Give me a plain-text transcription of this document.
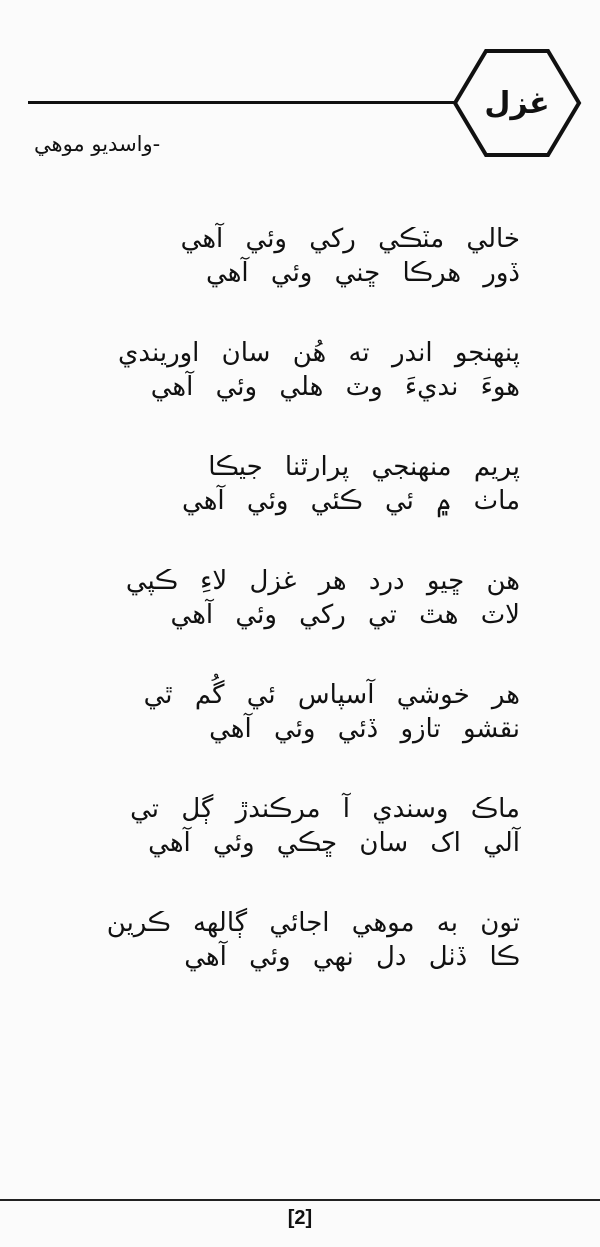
غزل
-واسديو موهي
خالي مٽڪي رکي وئي آهي
ڏور هرڪا ڇني وئي آهي
پنهنجو اندر ته هُن سان اوريندي
هوءَ نديءَ وٽ هلي وئي آهي
پريم منهنجي پرارٿنا جيڪا
ماٺ ۾ ئي ڪئي وئي آهي
هن ڇيو درد هر غزل لاءِ ڪپي
لاٽ هٿ تي رکي وئي آهي
هر خوشي آسپاس ئي گُم ٿي
نقشو تازو ڏئي وئي آهي
ماڪ وسندي آ مرڪندڙ ڳل تي
آلي اک سان ڇڪي وئي آهي
تون به موهي اجائي ڳالهه ڪرين
ڪا ڏٺل دل نهي وئي آهي
[2]
